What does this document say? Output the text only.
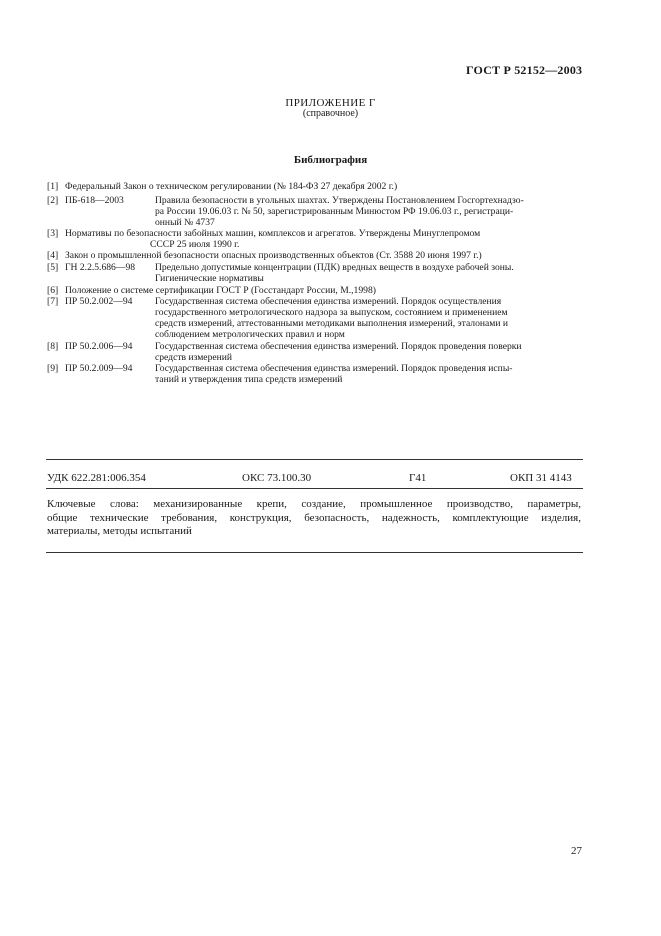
ГОСТ Р 52152—2003
ПРИЛОЖЕНИЕ Г
(справочное)
Библиография
[1] Федеральный Закон о техническом регулировании (№ 184-ФЗ 27 декабря 2002 г.)
[2] ПБ-618—2003	Правила безопасности в угольных шахтах. Утверждены Постановлением Госгортехнадзо-
ра России 19.06.03 г. № 50, зарегистрированным Минюстом РФ 19.06.03 г., регистраци-
онный № 4737
[3] Нормативы по безопасности забойных машин, комплексов и агрегатов. Утверждены Минуглепромом
СССР 25 июля 1990 г.
[4] Закон о промышленной безопасности опасных производственных объектов (Ст. 3588 20 июня 1997 г.)
[5] ГН 2.2.5.686—98 Предельно допустимые концентрации (ПДК) вредных веществ в воздухе рабочей зоны.
Гигиенические нормативы
[6] Положение о системе сертификации ГОСТ Р (Госстандарт России, М.,1998)
[7] ПР 50.2.002—94 Государственная система обеспечения единства измерений. Порядок осуществления
государственного метрологического надзора за выпуском, состоянием и применением
средств измерений, аттестованными методиками выполнения измерений, эталонами и
соблюдением метрологических правил и норм
[8] ПР 50.2.006—94 Государственная система обеспечения единства измерений. Порядок проведения поверки
средств измерений
[9] ПР 50.2.009—94 Государственная система обеспечения единства измерений. Порядок проведения испы-
таний и утверждения типа средств измерений
УДК 622.281:006.354	ОКС 73.100.30	Г41	ОКП 31 4143
Ключевые слова: механизированные крепи, создание, промышленное производство, параметры,
общие технические требования, конструкция, безопасность, надежность, комплектующие изделия,
материалы, методы испытаний
27
